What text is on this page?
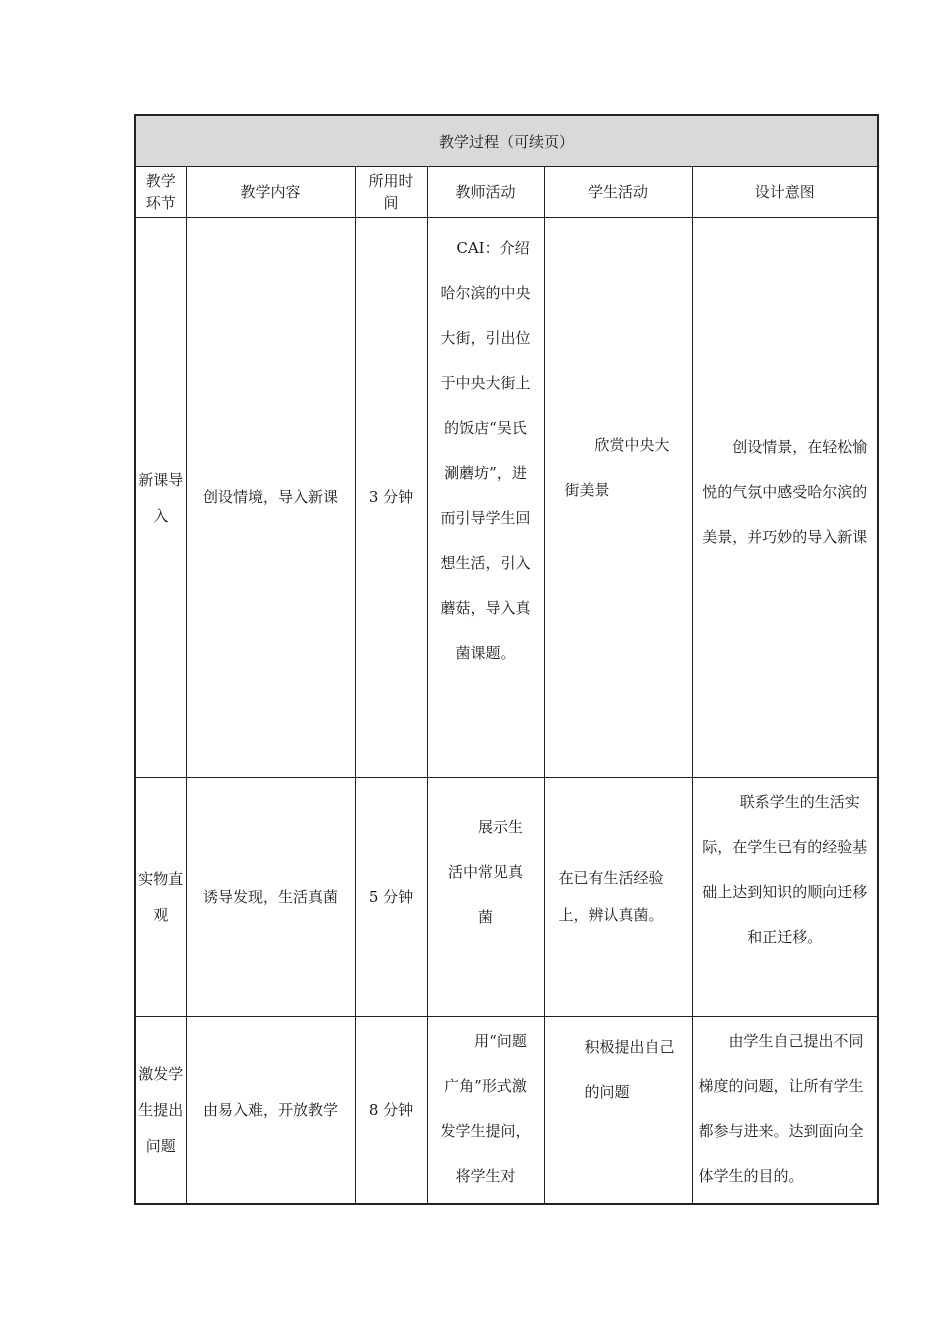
教学过程（可续页）					

教学环节	教学内容	所用时间	教师活动	学生活动	设计意图

新课导入	创设情境，导入新课	3 分钟	CAI：介绍哈尔滨的中央大街，引出位于中央大街上的饭店“吴氏涮蘑坊”，进而引导学生回想生活，引入蘑菇，导入真菌课题。	欣赏中央大街美景	创设情景，在轻松愉悦的气氛中感受哈尔滨的美景，并巧妙的导入新课

实物直观	诱导发现，生活真菌	5 分钟	展示生活中常见真菌	在已有生活经验上，辨认真菌。	联系学生的生活实际，在学生已有的经验基础上达到知识的顺向迁移和正迁移。

激发学生提出问题	由易入难，开放教学	8 分钟	用“问题广角”形式激发学生提问，将学生对	积极提出自己的问题	由学生自己提出不同梯度的问题，让所有学生都参与进来。达到面向全体学生的目的。
